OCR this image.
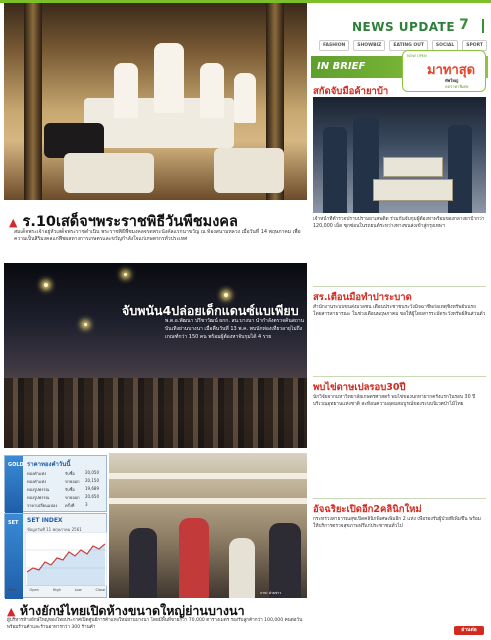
NEWS UPDATE 7
FASHION	SHOWBIZ	EATING OUT	SOCIAL	SPORT
▲ ร.10เสด็จฯพระราชพิธีวันพืชมงคล
สมเด็จพระเจ้าอยู่หัวเสด็จพระราชดำเนิน พระราชพิธีพืชมงคลจรดพระนังคัลแรกนาขวัญ ณ ท้องสนามหลวง เมื่อวันที่ 14 พฤษภาคม เพื่อความเป็นสิริมงคลแก่พืชผลทางการเกษตรและขวัญกำลังใจแก่เกษตรกรทั่วประเทศ
จับพนัน4ปล่อยเด็กแดนซ์แบเพียบ
พ.ต.อ.พัฒนา ปรีชาวัฒน์ ผกก. สน.บางนา นำกำลังตรวจค้นสถานบันเทิงย่านบางนา เมื่อคืนวันที่ 13 พ.ค. พบนักท่องเที่ยวอายุไม่ถึงเกณฑ์กว่า 150 คน พร้อมผู้ต้องหาจับกุมได้ 4 ราย
GOLD ราคาทองคำวันนี้
ทองคำแท่ง	รับซื้อ	20,050
ทองคำแท่ง	ขายออก 20,150
ทองรูปพรรณ	รับซื้อ	19,689
ทองรูปพรรณ	ขายออก 20,650
ราคาเปลี่ยนแปลง ครั้งที่	3
SET SET INDEX
ข้อมูลวันที่ 11 พฤษภาคม 2561
Prev	Open	High	Low	Close
ภาพ: ฝ่ายข่าว
▲ ห้างยักษ์ไทยเปิดห้างขนาดใหญ่ย่านบางนา
ผู้บริหารห้างยักษ์ใหญ่ของไทยประกาศเปิดศูนย์การค้าแห่งใหม่ย่านบางนา โดยมีพื้นที่ขายกว่า 70,000 ตารางเมตร รองรับลูกค้ากว่า 100,000 คนต่อวัน พร้อมร้านค้าและร้านอาหารกว่า 300 ร้านค้า
IN BRIEF
NOW OPEN
มาทาสุด
ทัพใหญ่
ลดราคาพิเศษ
สกัดจับมือค้ายาบ้า
เจ้าหน้าที่ตำรวจปราบปรามยาเสพติด ร่วมกันจับกุมผู้ต้องหาพร้อมของกลางยาบ้ากว่า 120,000 เม็ด ซุกซ่อนในรถยนต์ระหว่างทางขนส่งเข้าสู่กรุงเทพฯ
สร.เตือนมือทำปาระบาด
สำนักงานระบบขนส่งมวลชน เตือนประชาชนระวังมิจฉาชีพก่อเหตุชิงทรัพย์บนรถโดยสารสาธารณะ ในช่วงเดือนพฤษภาคม ขอให้ผู้โดยสารระมัดระวังทรัพย์สินส่วนตัว
พบไข่ดาษเปลรอบ30ปี
นักวิจัยจากมหาวิทยาลัยเกษตรศาสตร์ พบไข่ของนกหายากครั้งแรกในรอบ 30 ปี บริเวณอุทยานแห่งชาติ สะท้อนความอุดมสมบูรณ์ของระบบนิเวศป่าไม้ไทย
อัจฉริยะเปิดอีก2คลินิกใหม่
กระทรวงสาธารณสุขเปิดคลินิกพิเศษเพิ่มอีก 2 แห่ง เพื่อรองรับผู้ป่วยที่เพิ่มขึ้น พร้อมให้บริการตรวจสุขภาพฟรีแก่ประชาชนทั่วไป
อ่านต่อ
